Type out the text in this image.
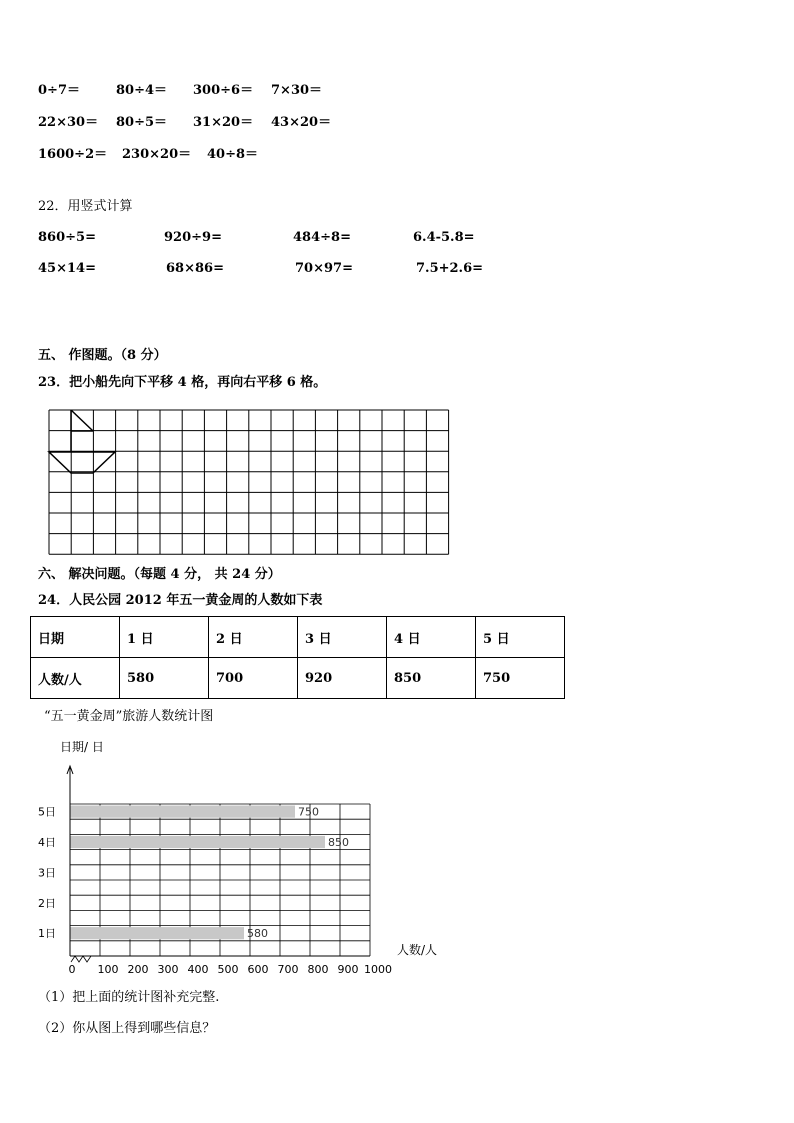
0÷7＝	80÷4＝ 300÷6＝ 7×30＝
22×30＝ 80÷5＝ 31×20＝ 43×20＝
1600÷2＝ 230×20＝ 40÷8＝
22．用竖式计算
860÷5=	920÷9=	484÷8=	6.4-5.8=
45×14=	68×86=	70×97=	7.5+2.6=
五、 作图题。（8 分）
23．把小船先向下平移 4 格，再向右平移 6 格。
六、 解决问题。（每题 4 分， 共 24 分）
24．人民公园 2012 年五一黄金周的人数如下表
日期	1 日	2 日	3 日	4 日	5 日
人数/人	580	700	920	850	750
“五一黄金周”旅游人数统计图
日期/ 日
人数/人
1日	580
2日
3日
4日	850
5日	750
0 100 200 300 400 500 600 700 800 900 1000
（1）把上面的统计图补充完整.
（2）你从图上得到哪些信息？
